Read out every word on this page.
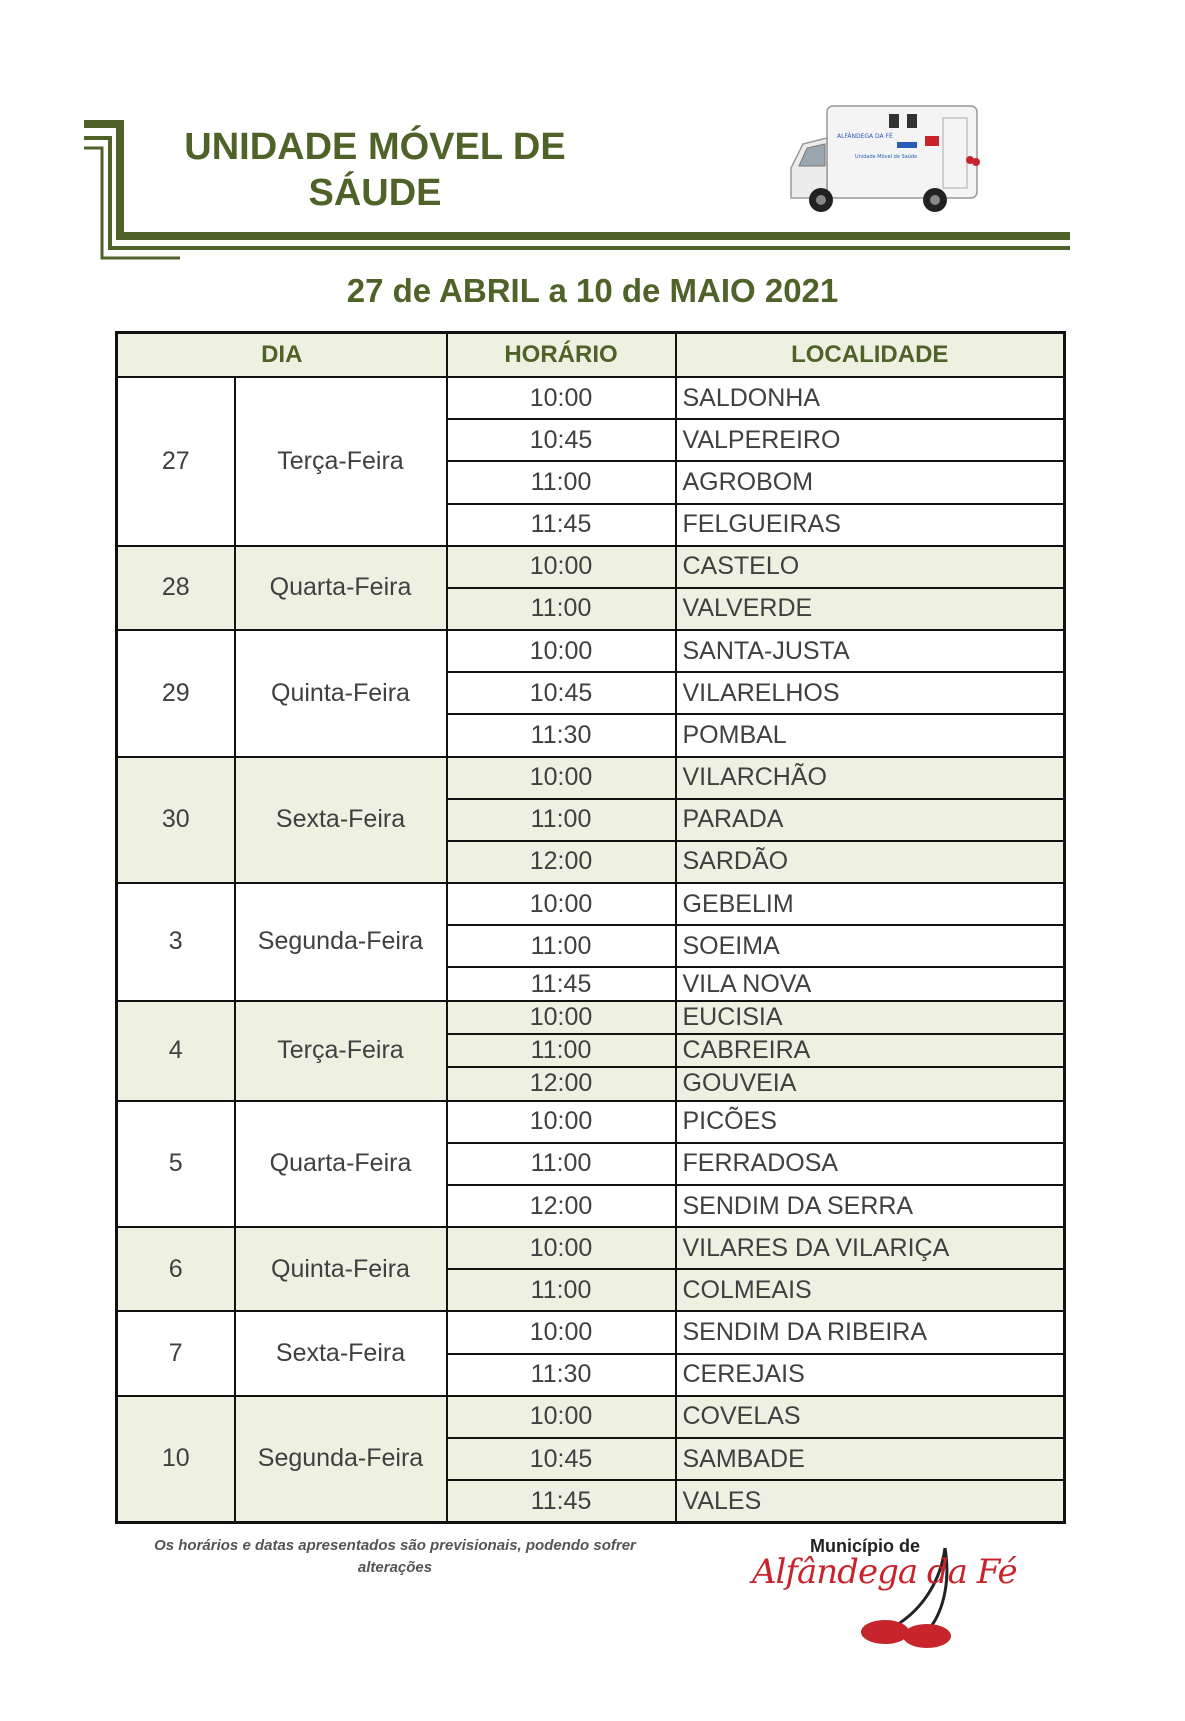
UNIDADE MÓVEL DE
SÁUDE
ALFÂNDEGA DA FÉ
Unidade Móvel de Saúde
27 de ABRIL a 10 de MAIO 2021
DIA		HORÁRIO	LOCALIDADE
27	Terça-Feira	10:00	SALDONHA
		10:45	VALPEREIRO
		11:00	AGROBOM
		11:45	FELGUEIRAS
28	Quarta-Feira	10:00	CASTELO
		11:00	VALVERDE
29	Quinta-Feira	10:00	SANTA-JUSTA
		10:45	VILARELHOS
		11:30	POMBAL
30	Sexta-Feira	10:00	VILARCHÃO
		11:00	PARADA
		12:00	SARDÃO
3	Segunda-Feira	10:00	GEBELIM
		11:00	SOEIMA
		11:45	VILA NOVA
4	Terça-Feira	10:00	EUCISIA
		11:00	CABREIRA
		12:00	GOUVEIA
5	Quarta-Feira	10:00	PICÕES
		11:00	FERRADOSA
		12:00	SENDIM DA SERRA
6	Quinta-Feira	10:00	VILARES DA VILARIÇA
		11:00	COLMEAIS
7	Sexta-Feira	10:00	SENDIM DA RIBEIRA
		11:30	CEREJAIS
10	Segunda-Feira	10:00	COVELAS
		10:45	SAMBADE
		11:45	VALES
Os horários e datas apresentados são previsionais, podendo sofrer alterações
Município de
Alfândega da Fé
